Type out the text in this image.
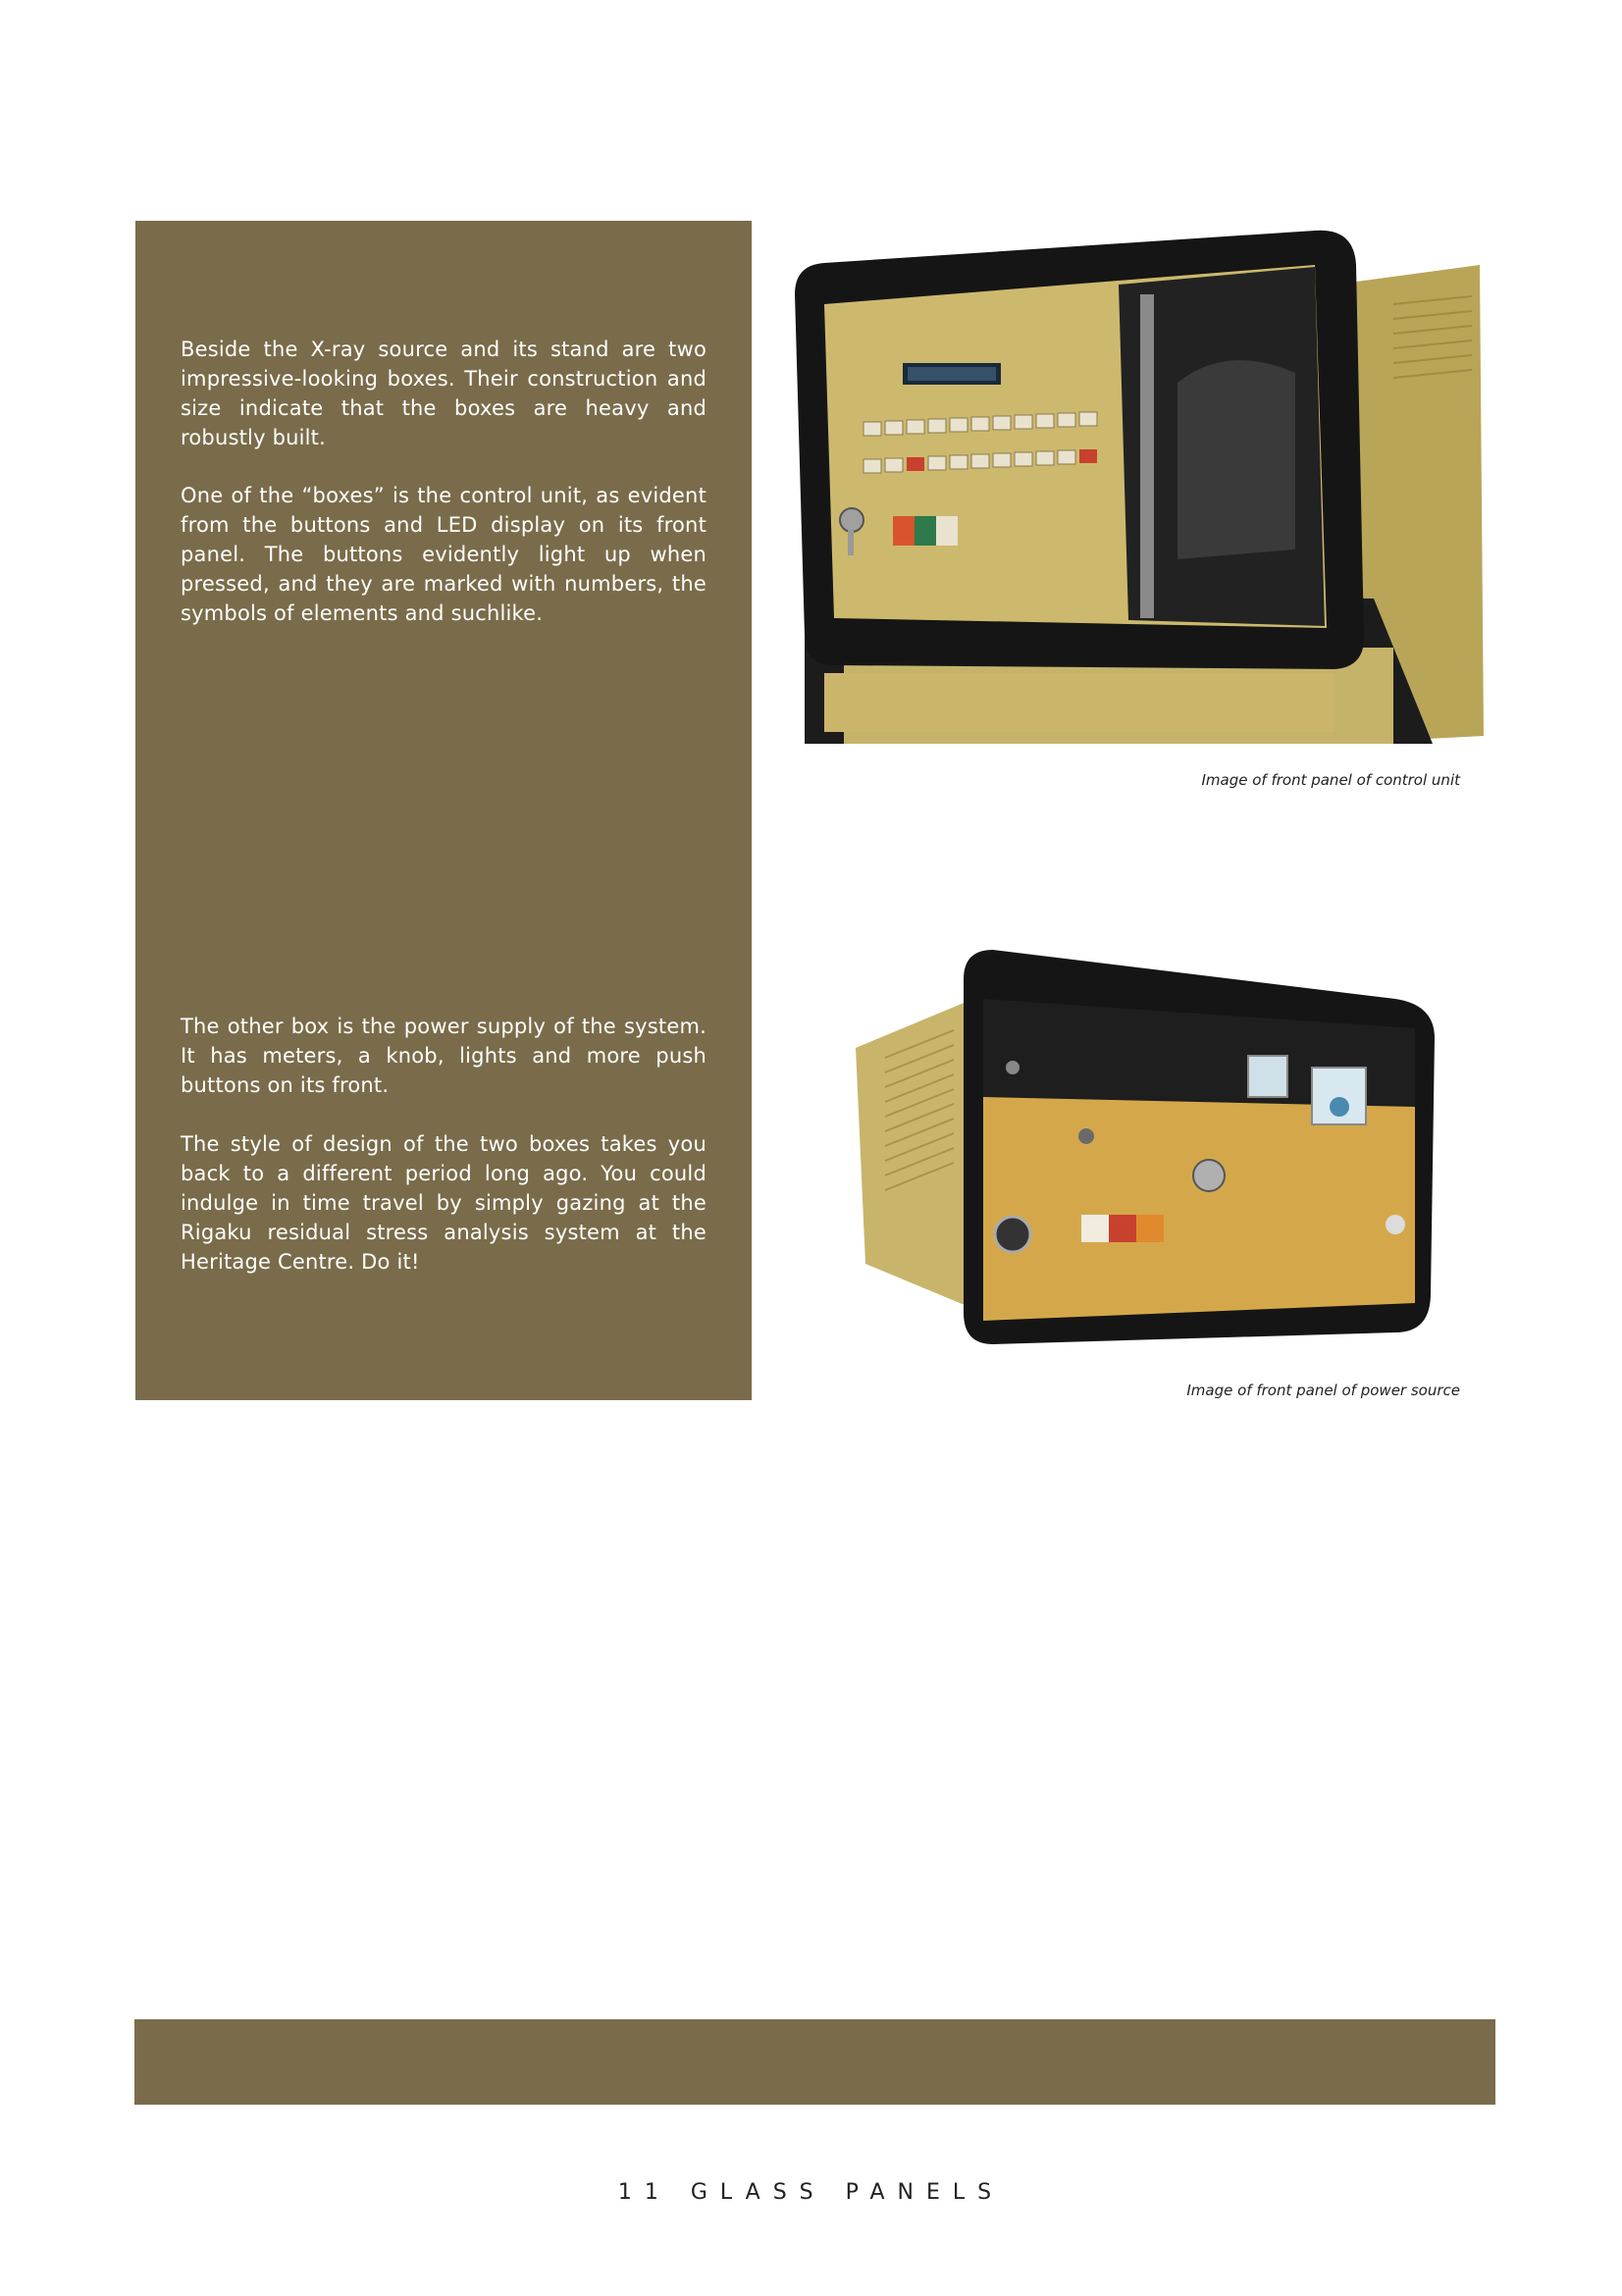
Beside the X-ray source and its stand are two impressive-looking boxes. Their construction and size indicate that the boxes are heavy and robustly built.

One of the “boxes” is the control unit, as evident from the buttons and LED display on its front panel. The buttons evidently light up when pressed, and they are marked with numbers, the symbols of elements and suchlike.

The other box is the power supply of the system. It has meters, a knob, lights and more push buttons on its front.

The style of design of the two boxes takes you back to a different period long ago. You could indulge in time travel by simply gazing at the Rigaku residual stress analysis system at the Heritage Centre. Do it!

Image of front panel of control unit
Image of front panel of power source
11 GLASS PANELS
